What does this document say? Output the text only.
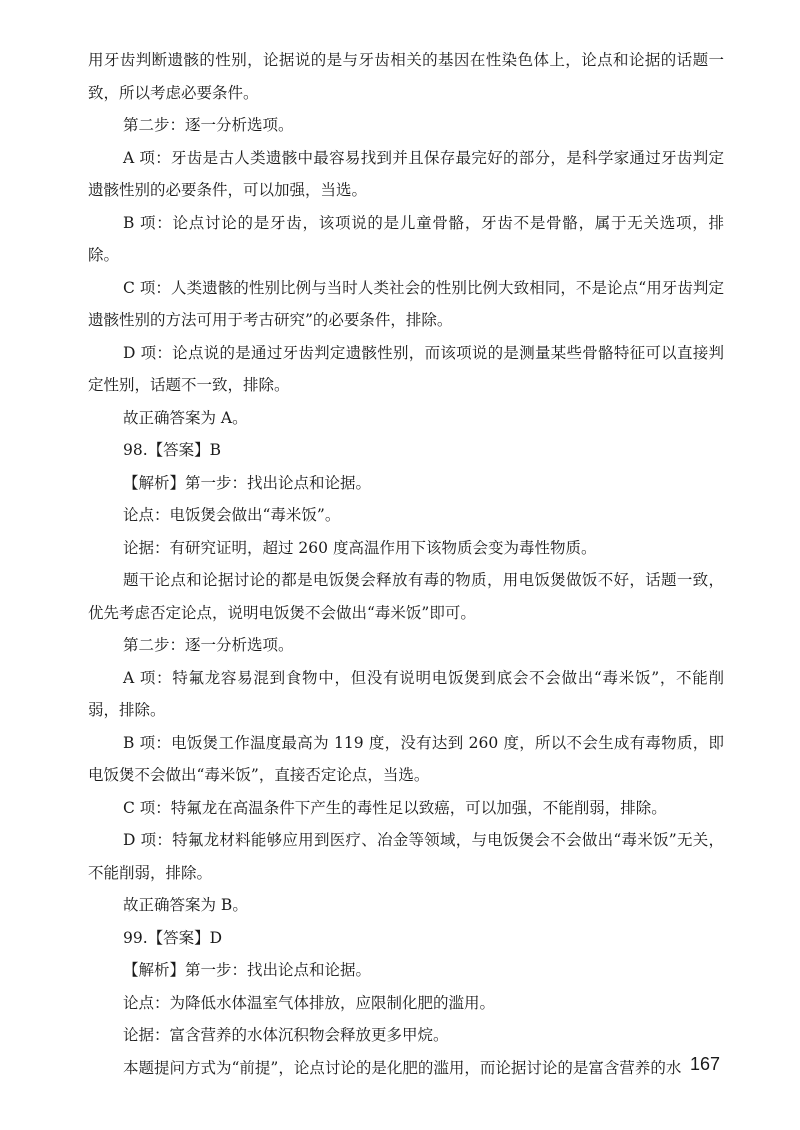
用牙齿判断遗骸的性别，论据说的是与牙齿相关的基因在性染色体上，论点和论据的话题一致，所以考虑必要条件。

第二步：逐一分析选项。

A 项：牙齿是古人类遗骸中最容易找到并且保存最完好的部分，是科学家通过牙齿判定遗骸性别的必要条件，可以加强，当选。

B 项：论点讨论的是牙齿，该项说的是儿童骨骼，牙齿不是骨骼，属于无关选项，排除。

C 项：人类遗骸的性别比例与当时人类社会的性别比例大致相同，不是论点“用牙齿判定遗骸性别的方法可用于考古研究”的必要条件，排除。

D 项：论点说的是通过牙齿判定遗骸性别，而该项说的是测量某些骨骼特征可以直接判定性别，话题不一致，排除。

故正确答案为 A。

98.【答案】B

【解析】第一步：找出论点和论据。

论点：电饭煲会做出“毒米饭”。

论据：有研究证明，超过 260 度高温作用下该物质会变为毒性物质。

题干论点和论据讨论的都是电饭煲会释放有毒的物质，用电饭煲做饭不好，话题一致，优先考虑否定论点，说明电饭煲不会做出“毒米饭”即可。

第二步：逐一分析选项。

A 项：特氟龙容易混到食物中，但没有说明电饭煲到底会不会做出“毒米饭”，不能削弱，排除。

B 项：电饭煲工作温度最高为 119 度，没有达到 260 度，所以不会生成有毒物质，即电饭煲不会做出“毒米饭”，直接否定论点，当选。

C 项：特氟龙在高温条件下产生的毒性足以致癌，可以加强，不能削弱，排除。

D 项：特氟龙材料能够应用到医疗、冶金等领域，与电饭煲会不会做出“毒米饭”无关，不能削弱，排除。

故正确答案为 B。

99.【答案】D

【解析】第一步：找出论点和论据。

论点：为降低水体温室气体排放，应限制化肥的滥用。

论据：富含营养的水体沉积物会释放更多甲烷。

本题提问方式为“前提”，论点讨论的是化肥的滥用，而论据讨论的是富含营养的水 167
